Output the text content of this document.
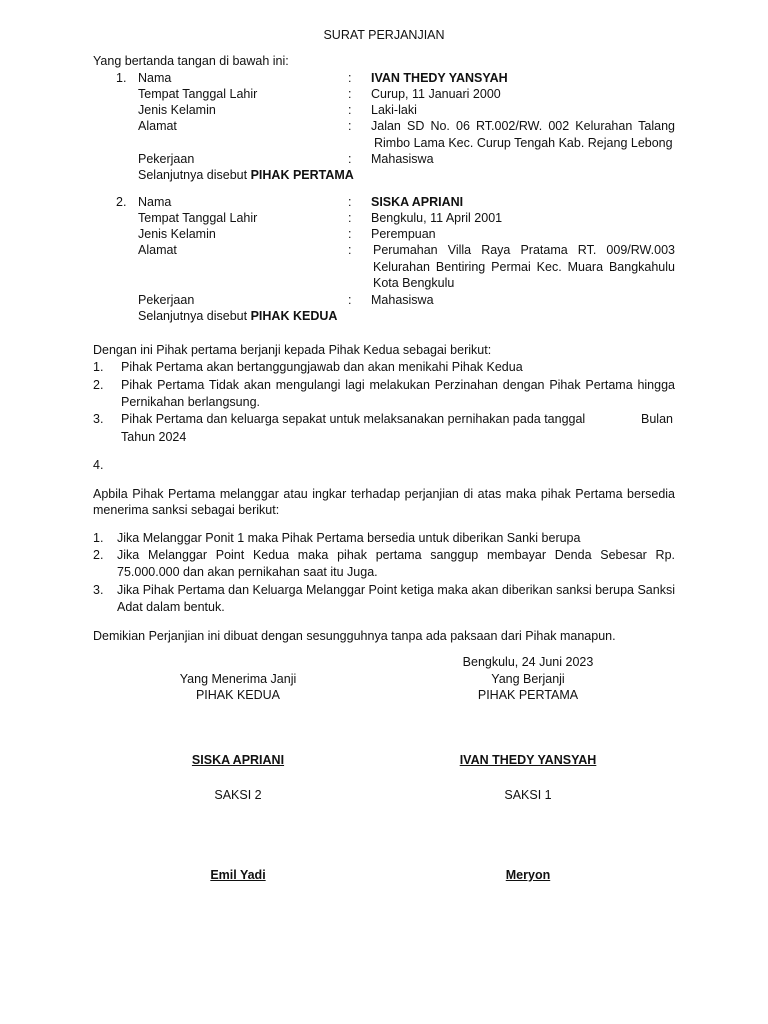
SURAT PERJANJIAN
Yang bertanda tangan di bawah ini:
1. Nama	: IVAN THEDY YANSYAH
Tempat Tanggal Lahir	: Curup, 11 Januari 2000
Jenis Kelamin	: Laki-laki
Alamat	: Jalan SD No. 06 RT.002/RW. 002 Kelurahan Talang
Rimbo Lama Kec. Curup Tengah Kab. Rejang Lebong
Pekerjaan	: Mahasiswa
Selanjutnya disebut PIHAK PERTAMA
2. Nama	: SISKA APRIANI
Tempat Tanggal Lahir	: Bengkulu, 11 April 2001
Jenis Kelamin	: Perempuan
Alamat	: Perumahan Villa Raya Pratama RT. 009/RW.003
Kelurahan Bentiring Permai Kec. Muara Bangkahulu
Kota Bengkulu
Pekerjaan	: Mahasiswa
Selanjutnya disebut PIHAK KEDUA
Dengan ini Pihak pertama berjanji kepada Pihak Kedua sebagai berikut:
1. Pihak Pertama akan bertanggungjawab dan akan menikahi Pihak Kedua
2. Pihak Pertama Tidak akan mengulangi lagi melakukan Perzinahan dengan Pihak Pertama hingga
Pernikahan berlangsung.
3. Pihak Pertama dan keluarga sepakat untuk melaksanakan pernihakan pada tanggal	Bulan
Tahun 2024
4.
Apbila Pihak Pertama melanggar atau ingkar terhadap perjanjian di atas maka pihak Pertama bersedia
menerima sanksi sebagai berikut:
1. Jika Melanggar Ponit 1 maka Pihak Pertama bersedia untuk diberikan Sanki berupa
2. Jika Melanggar Point Kedua maka pihak pertama sanggup membayar Denda Sebesar Rp.
75.000.000 dan akan pernikahan saat itu Juga.
3. Jika Pihak Pertama dan Keluarga Melanggar Point ketiga maka akan diberikan sanksi berupa Sanksi
Adat dalam bentuk.
Demikian Perjanjian ini dibuat dengan sesungguhnya tanpa ada paksaan dari Pihak manapun.
Bengkulu, 24 Juni 2023
Yang Menerima Janji	Yang Berjanji
PIHAK KEDUA	PIHAK PERTAMA
SISKA APRIANI	IVAN THEDY YANSYAH
SAKSI 2	SAKSI 1
Emil Yadi	Meryon
